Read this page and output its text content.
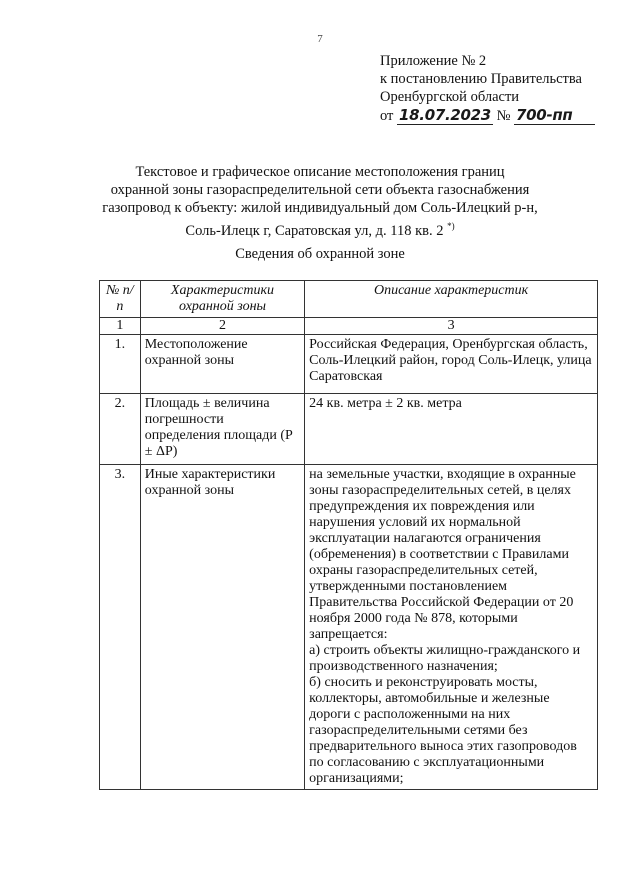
7
Приложение № 2
к постановлению Правительства
Оренбургской области
от 18.07.2023 № 700-пп
Текстовое и графическое описание местоположения границ
охранной зоны газораспределительной сети объекта газоснабжения
газопровод к объекту: жилой индивидуальный дом Соль-Илецкий р-н,
Соль-Илецк г, Саратовская ул, д. 118 кв. 2 *)
Сведения об охранной зоне
№ п/п	Характеристики охранной зоны	Описание характеристик
1	2	3
1.	Местоположение охранной зоны	Российская Федерация, Оренбургская область, Соль-Илецкий район, город Соль-Илецк, улица Саратовская

2.	Площадь ± величина погрешности определения площади (P ± ΔP)	24 кв. метра ± 2 кв. метра

3.	Иные характеристики охранной зоны	на земельные участки, входящие в охранные зоны газораспределительных сетей, в целях предупреждения их повреждения или нарушения условий их нормальной эксплуатации налагаются ограничения (обременения) в соответствии с Правилами охраны газораспределительных сетей, утвержденными постановлением Правительства Российской Федерации от 20 ноября 2000 года № 878, которыми запрещается:

а) строить объекты жилищно-гражданского и производственного назначения;

б) сносить и реконструировать мосты, коллекторы, автомобильные и железные дороги с расположенными на них газораспределительными сетями без предварительного выноса этих газопроводов по согласованию с эксплуатационными организациями;
